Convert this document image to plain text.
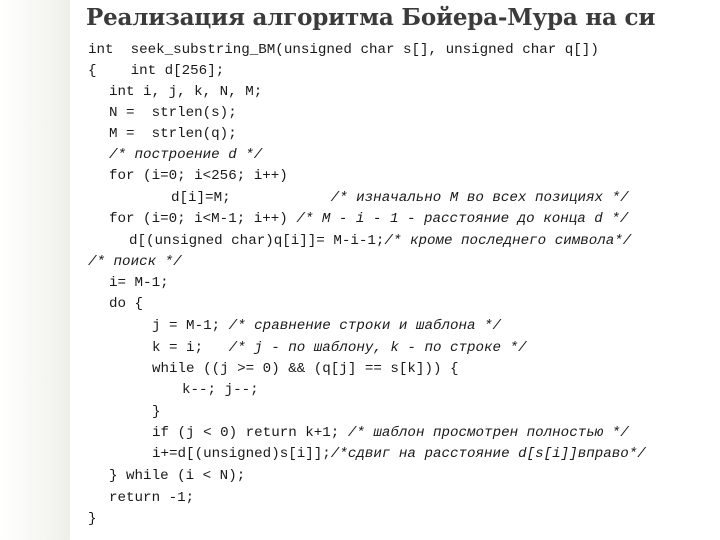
Реализация алгоритма Бойера-Мура на си
int  seek_substring_BM(unsigned char s[], unsigned char q[])
{    int d[256];
int i, j, k, N, M;
N =  strlen(s);
M =  strlen(q);
/* построение d */
for (i=0; i<256; i++)
d[i]=M;	/* изначально M во всех позициях */
for (i=0; i<M-1; i++) /* M - i - 1 - расстояние до конца d */
d[(unsigned char)q[i]]= M-i-1;/* кроме последнего символа*/
/* поиск */
i= M-1;
do {
j = M-1; /* сравнение строки и шаблона */
k = i;   /* j - по шаблону, k - по строке */
while ((j >= 0) && (q[j] == s[k])) {
k--; j--;
}
if (j < 0) return k+1; /* шаблон просмотрен полностью */
i+=d[(unsigned)s[i]];/*сдвиг на расстояние d[s[i]]вправо*/
} while (i < N);
return -1;
}
